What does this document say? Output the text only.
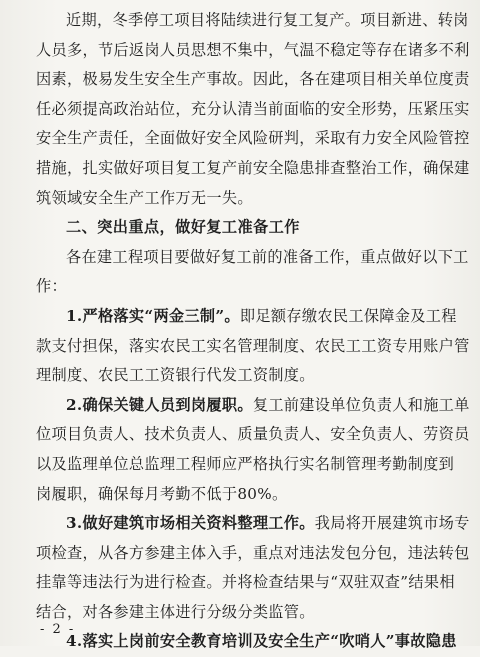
近期，冬季停工项目将陆续进行复工复产。项目新进、转岗
人员多，节后返岗人员思想不集中，气温不稳定等存在诸多不利
因素，极易发生安全生产事故。因此，各在建项目相关单位度责
任必须提高政治站位，充分认清当前面临的安全形势，压紧压实
安全生产责任，全面做好安全风险研判，采取有力安全风险管控
措施，扎实做好项目复工复产前安全隐患排查整治工作，确保建
筑领域安全生产工作万无一失。
二、突出重点，做好复工准备工作
各在建工程项目要做好复工前的准备工作，重点做好以下工
作：
1.严格落实“两金三制”。即足额存缴农民工保障金及工程
款支付担保，落实农民工实名管理制度、农民工工资专用账户管
理制度、农民工工资银行代发工资制度。
2.确保关键人员到岗履职。复工前建设单位负责人和施工单
位项目负责人、技术负责人、质量负责人、安全负责人、劳资员
以及监理单位总监理工程师应严格执行实名制管理考勤制度到
岗履职，确保每月考勤不低于80%。
3.做好建筑市场相关资料整理工作。我局将开展建筑市场专
项检查，从各方参建主体入手，重点对违法发包分包，违法转包
挂靠等违法行为进行检查。并将检查结果与“双驻双查”结果相
结合，对各参建主体进行分级分类监管。
4.落实上岗前安全教育培训及安全生产“吹哨人”事故隐患
- 2 -
